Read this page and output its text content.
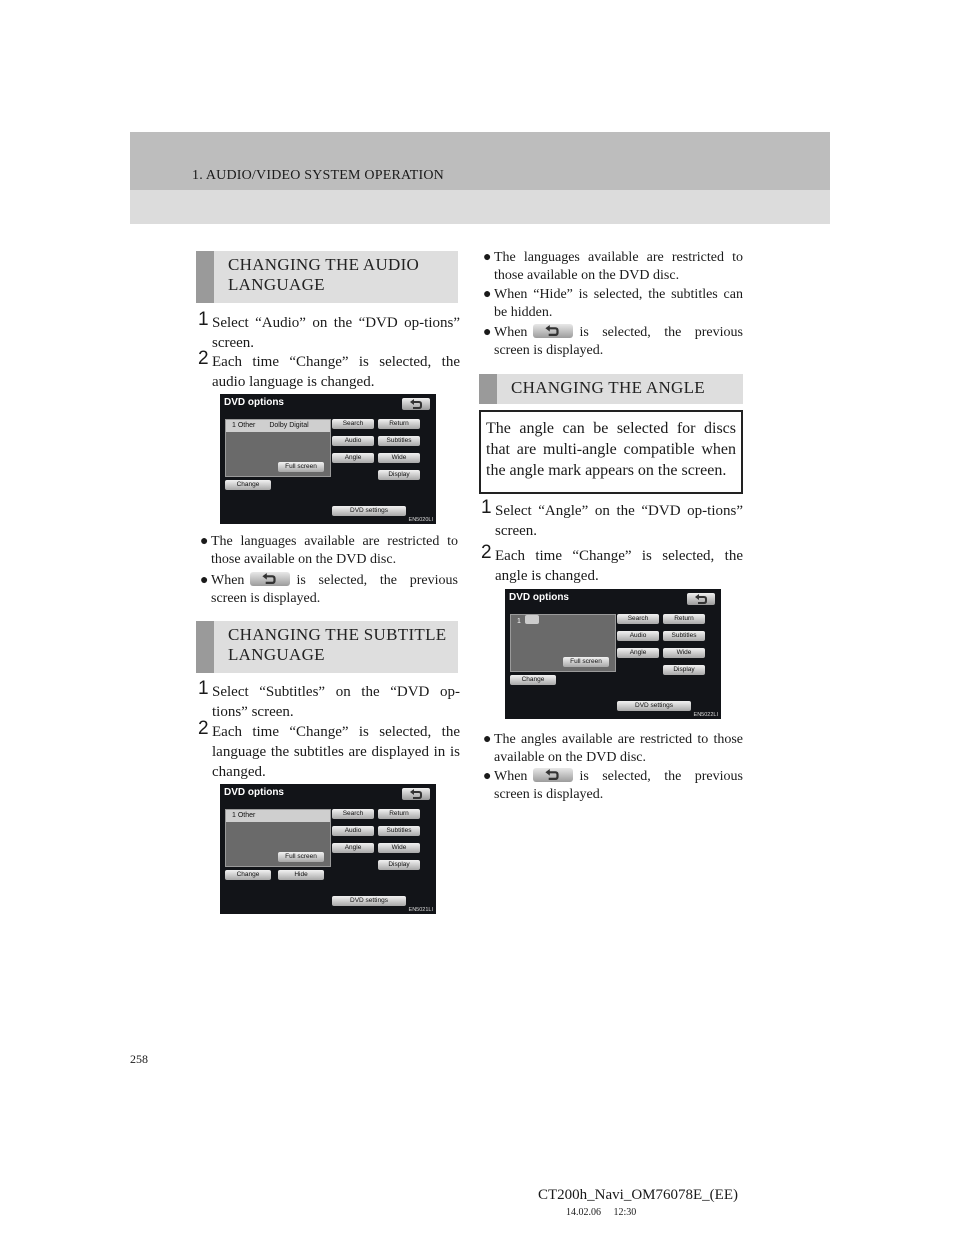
1. AUDIO/VIDEO SYSTEM OPERATION
CHANGING THE AUDIO LANGUAGE
1 Select “Audio” on the “DVD op-tions” screen.
2 Each time “Change” is selected, the audio language is changed.
DVD options
1 Other Dolby Digital	Search	Return
Audio	Subtitles
Angle	Wide
Display
Full screen
Change
DVD settings
EN5020LI
● The languages available are restricted to those available on the DVD disc.
● When	is selected, the previous screen is displayed.
CHANGING THE SUBTITLE LANGUAGE
1 Select “Subtitles” on the “DVD op-tions” screen.
2 Each time “Change” is selected, the language the subtitles are displayed in is changed.
DVD options
1 Other	Search	Return
Audio	Subtitles
Angle	Wide
Display
Full screen
Change	Hide
DVD settings
EN5021LI
● The languages available are restricted to those available on the DVD disc.
● When “Hide” is selected, the subtitles can be hidden.
● When	is selected, the previous screen is displayed.
CHANGING THE ANGLE
The angle can be selected for discs that are multi-angle compatible when the angle mark appears on the screen.
1 Select “Angle” on the “DVD op-tions” screen.
2 Each time “Change” is selected, the angle is changed.
DVD options
1	Search	Return
Audio	Subtitles
Angle	Wide
Display
Full screen
Change
DVD settings
EN5022LI
● The angles available are restricted to those available on the DVD disc.
● When	is selected, the previous screen is displayed.
258
CT200h_Navi_OM76078E_(EE)
14.02.06     12:30
